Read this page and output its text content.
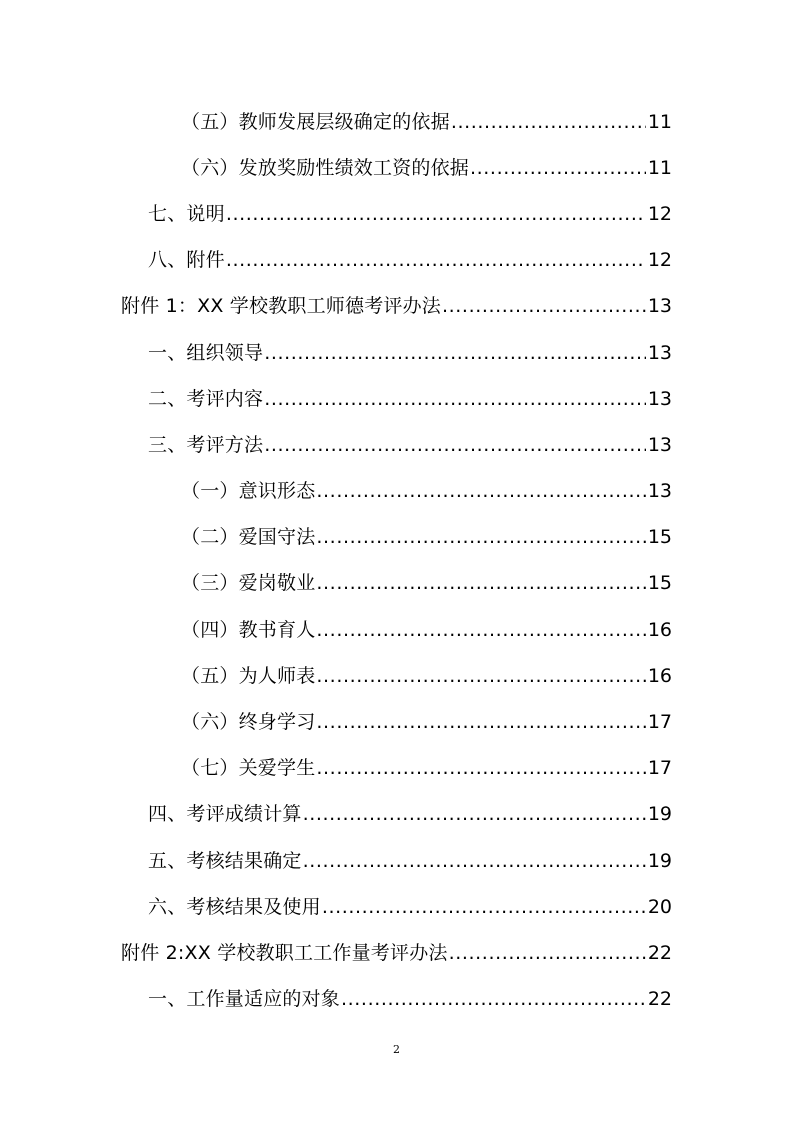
（五）教师发展层级确定的依据 .....	11
（六）发放奖励性绩效工资的依据 .....	11
七、说明 .....	12
八、附件 .....	12
附件 1：XX 学校教职工师德考评办法 .....	13
一、组织领导 .....	13
二、考评内容 .....	13
三、考评方法 .....	13
（一）意识形态 .....	13
（二）爱国守法 .....	15
（三）爱岗敬业 .....	15
（四）教书育人 .....	16
（五）为人师表 .....	16
（六）终身学习 .....	17
（七）关爱学生 .....	17
四、考评成绩计算 .....	19
五、考核结果确定 .....	19
六、考核结果及使用 .....	20
附件 2:XX 学校教职工工作量考评办法 .....	22
一、工作量适应的对象 .....	22
2
